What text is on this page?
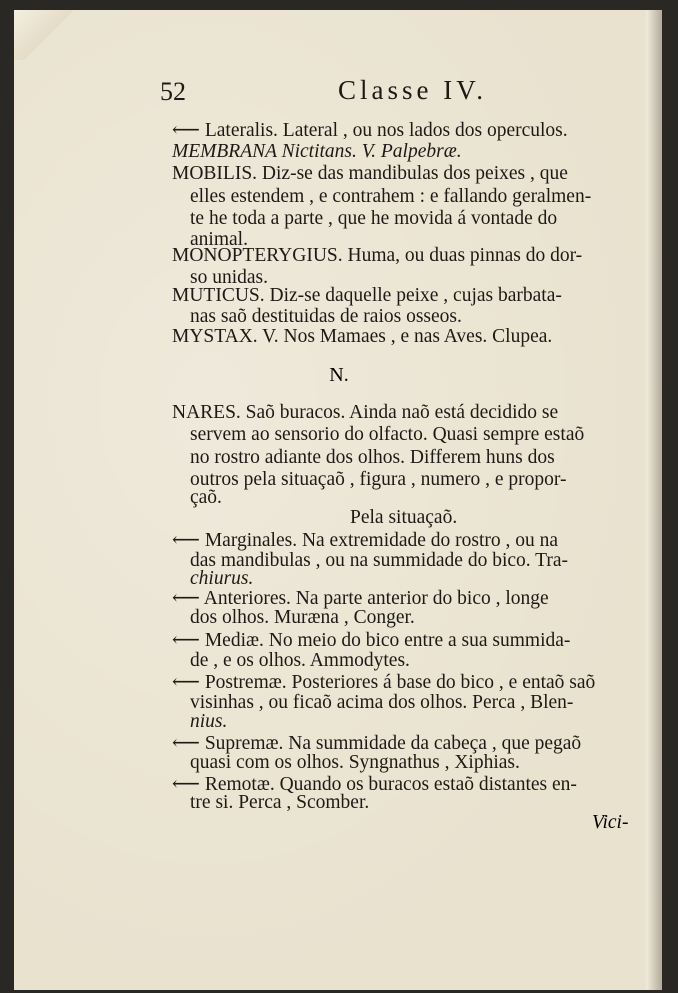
52	Classe IV.
⟵ Lateralis. Lateral , ou nos lados dos operculos.
MEMBRANA Nictitans. V. Palpebræ.
MOBILIS. Diz-se das mandibulas dos peixes , que
elles estendem , e contrahem : e fallando geralmen-
te he toda a parte , que he movida á vontade do
animal.
MONOPTERYGIUS. Huma, ou duas pinnas do dor-
so unidas.
MUTICUS. Diz-se daquelle peixe , cujas barbata-
nas saõ destituidas de raios osseos.
MYSTAX. V. Nos Mamaes , e nas Aves. Clupea.
N.
NARES. Saõ buracos. Ainda naõ está decidido se
servem ao sensorio do olfacto. Quasi sempre estaõ
no rostro adiante dos olhos. Differem huns dos
outros pela situaçaõ , figura , numero , e propor-
çaõ.
Pela situaçaõ.
⟵ Marginales. Na extremidade do rostro , ou na
das mandibulas , ou na summidade do bico. Tra-
chiurus.
⟵ Anteriores. Na parte anterior do bico , longe
dos olhos. Muræna , Conger.
⟵ Mediæ. No meio do bico entre a sua summida-
de , e os olhos. Ammodytes.
⟵ Postremæ. Posteriores á base do bico , e entaõ saõ
visinhas , ou ficaõ acima dos olhos. Perca , Blen-
nius.
⟵ Supremæ. Na summidade da cabeça , que pegaõ
quasi com os olhos. Syngnathus , Xiphias.
⟵ Remotæ. Quando os buracos estaõ distantes en-
tre si. Perca , Scomber.
Vici-
